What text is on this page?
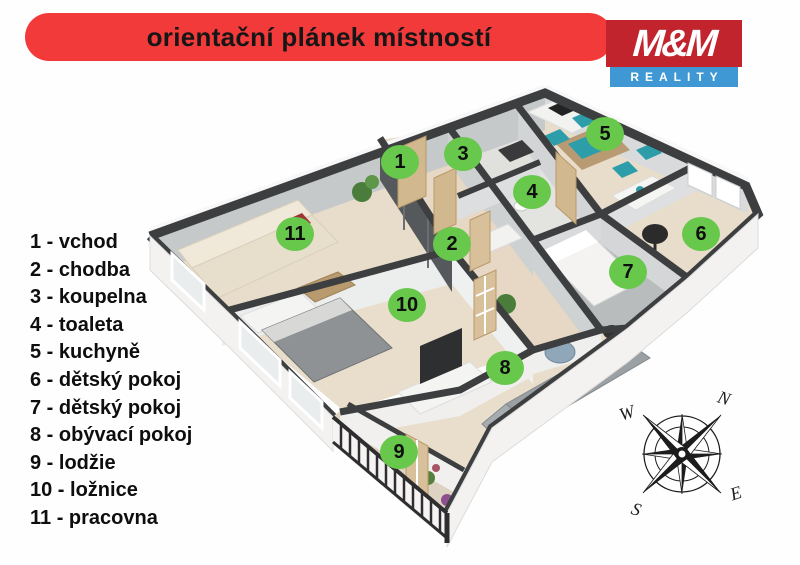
orientační plánek místností	M&M
REALITY
1 - vchod
2 - chodba
3 - koupelna
4 - toaleta
5 - kuchyně
6 - dětský pokoj
7 - dětský pokoj
8 - obývací pokoj
9 - lodžie
10 - ložnice
11 - pracovna
N
E
S
W
1
2
3
4
5
6
7
8
9
10
11
